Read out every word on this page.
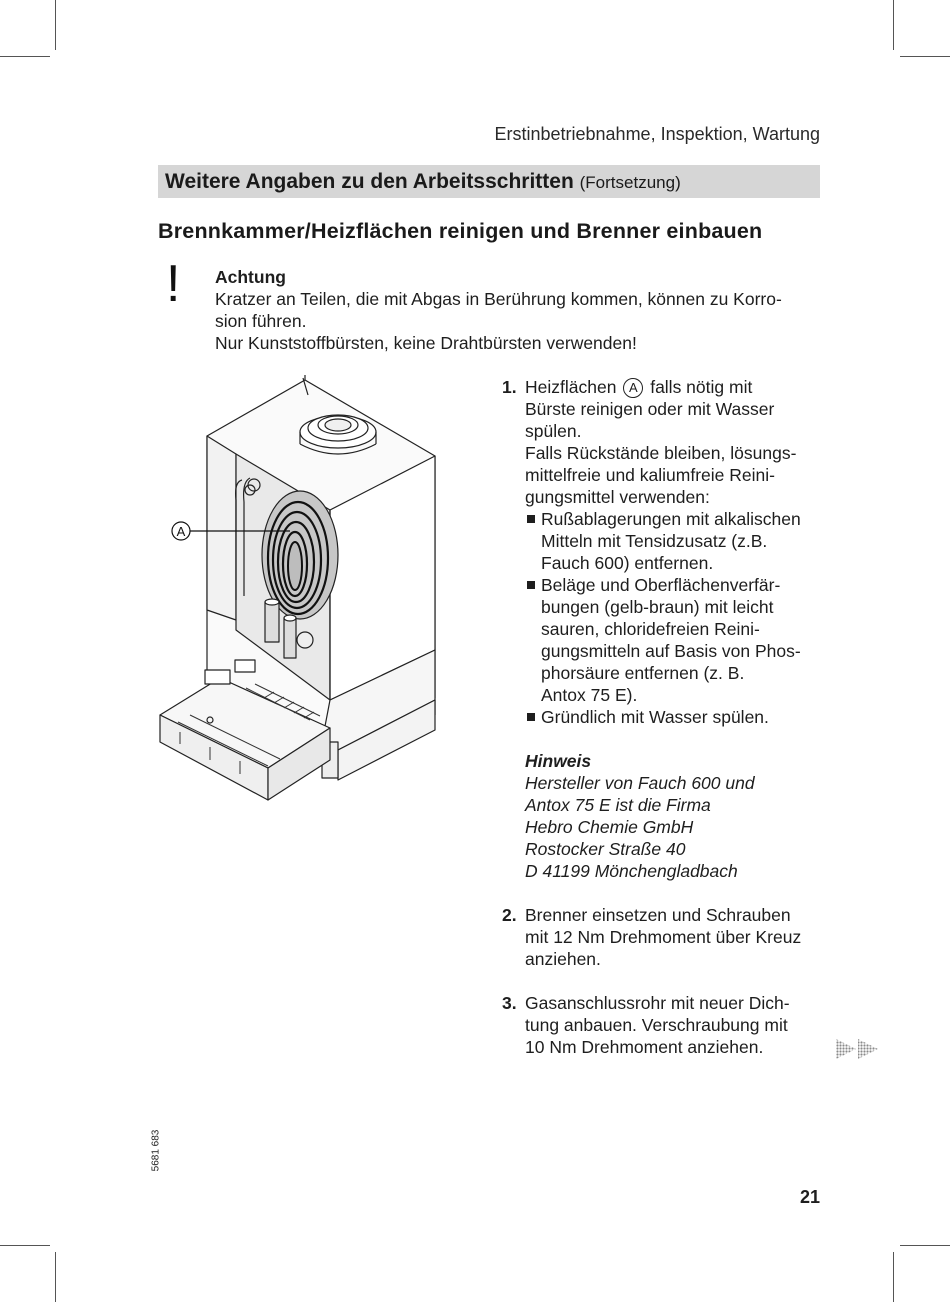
Erstinbetriebnahme, Inspektion, Wartung
Weitere Angaben zu den Arbeitsschritten (Fortsetzung)
Brennkammer/Heizflächen reinigen und Brenner einbauen
! Achtung
Kratzer an Teilen, die mit Abgas in Berührung kommen, können zu Korro-
sion führen.
Nur Kunststoffbürsten, keine Drahtbürsten verwenden!
A
1. Heizflächen A falls nötig mit
Bürste reinigen oder mit Wasser
spülen.
Falls Rückstände bleiben, lösungs-
mittelfreie und kaliumfreie Reini-
gungsmittel verwenden:
Rußablagerungen mit alkalischen
Mitteln mit Tensidzusatz (z.B.
Fauch 600) entfernen.
Beläge und Oberflächenverfär-
bungen (gelb-braun) mit leicht
sauren, chloridefreien Reini-
gungsmitteln auf Basis von Phos-
phorsäure entfernen (z. B.
Antox 75 E).
Gründlich mit Wasser spülen.
Hinweis
Hersteller von Fauch 600 und
Antox 75 E ist die Firma
Hebro Chemie GmbH
Rostocker Straße 40
D 41199 Mönchengladbach
2. Brenner einsetzen und Schrauben
mit 12 Nm Drehmoment über Kreuz
anziehen.
3. Gasanschlussrohr mit neuer Dich-
tung anbauen. Verschraubung mit
10 Nm Drehmoment anziehen.
5681 683
21
